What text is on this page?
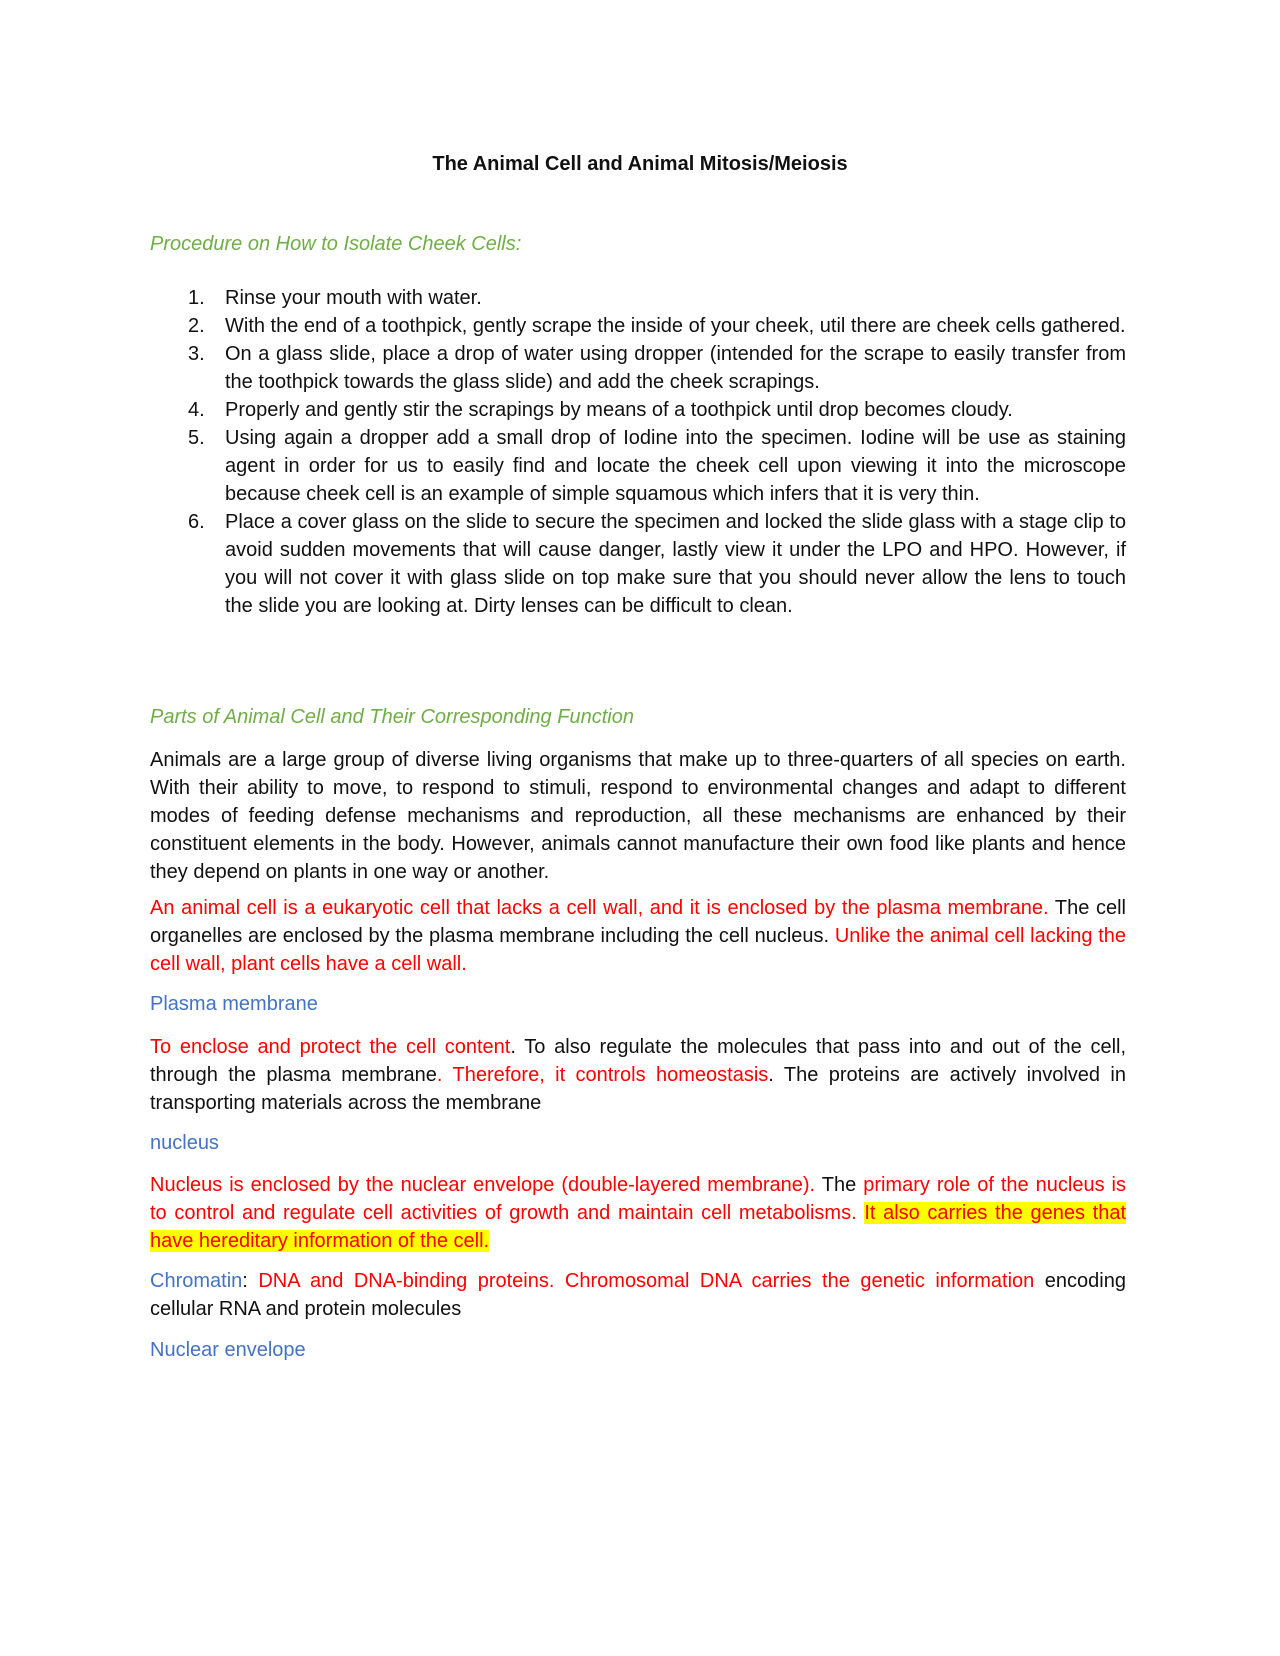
The Animal Cell and Animal Mitosis/Meiosis
Procedure on How to Isolate Cheek Cells:
1.	Rinse your mouth with water.
2.	With the end of a toothpick, gently scrape the inside of your cheek, util there are cheek cells gathered.
3.	On a glass slide, place a drop of water using dropper (intended for the scrape to easily transfer from the toothpick towards the glass slide) and add the cheek scrapings.
4.	Properly and gently stir the scrapings by means of a toothpick until drop becomes cloudy.
5.	Using again a dropper add a small drop of Iodine into the specimen. Iodine will be use as staining agent in order for us to easily find and locate the cheek cell upon viewing it into the microscope because cheek cell is an example of simple squamous which infers that it is very thin.
6.	Place a cover glass on the slide to secure the specimen and locked the slide glass with a stage clip to avoid sudden movements that will cause danger, lastly view it under the LPO and HPO. However, if you will not cover it with glass slide on top make sure that you should never allow the lens to touch the slide you are looking at. Dirty lenses can be difficult to clean.
Parts of Animal Cell and Their Corresponding Function

Animals are a large group of diverse living organisms that make up to three-quarters of all species on earth. With their ability to move, to respond to stimuli, respond to environmental changes and adapt to different modes of feeding defense mechanisms and reproduction, all these mechanisms are enhanced by their constituent elements in the body. However, animals cannot manufacture their own food like plants and hence they depend on plants in one way or another.

An animal cell is a eukaryotic cell that lacks a cell wall, and it is enclosed by the plasma membrane. The cell organelles are enclosed by the plasma membrane including the cell nucleus. Unlike the animal cell lacking the cell wall, plant cells have a cell wall.

Plasma membrane

To enclose and protect the cell content. To also regulate the molecules that pass into and out of the cell, through the plasma membrane. Therefore, it controls homeostasis. The proteins are actively involved in transporting materials across the membrane

nucleus

Nucleus is enclosed by the nuclear envelope (double-layered membrane). The primary role of the nucleus is to control and regulate cell activities of growth and maintain cell metabolisms. It also carries the genes that have hereditary information of the cell.

Chromatin: DNA and DNA-binding proteins. Chromosomal DNA carries the genetic information encoding cellular RNA and protein molecules

Nuclear envelope
